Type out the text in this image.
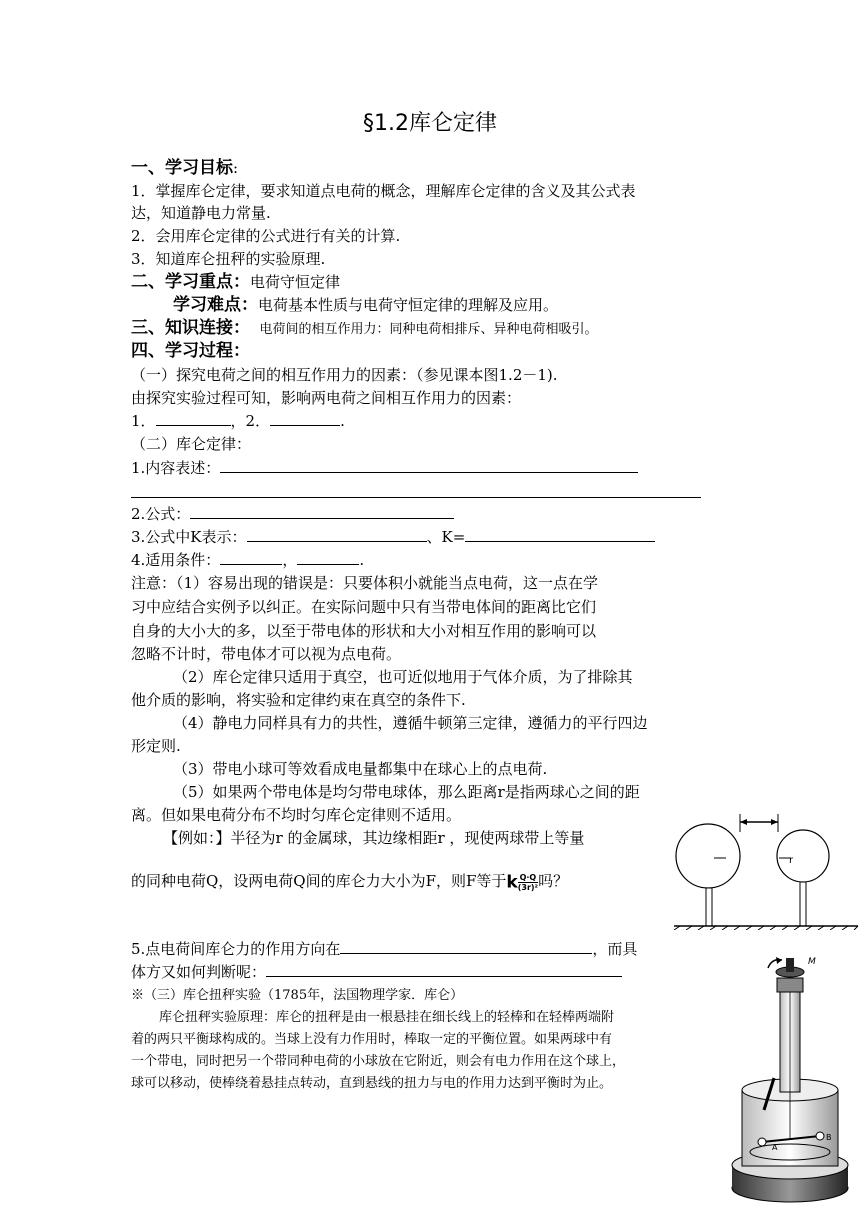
§1.2库仑定律
一、学习目标:
1．掌握库仑定律，要求知道点电荷的概念，理解库仑定律的含义及其公式表
达，知道静电力常量.
2．会用库仑定律的公式进行有关的计算.
3．知道库仑扭秤的实验原理.
二、学习重点：电荷守恒定律
学习难点：电荷基本性质与电荷守恒定律的理解及应用。
三、知识连接： 电荷间的相互作用力：同种电荷相排斥、异种电荷相吸引。
四、学习过程：
（一）探究电荷之间的相互作用力的因素：（参见课本图1.2－1).
由探究实验过程可知，影响两电荷之间相互作用力的因素：
1．	，2．	.
（二）库仑定律：
1.内容表述：
2.公式：
3.公式中K表示：	、K=
4.适用条件：	，	.
注意：（1）容易出现的错误是：只要体积小就能当点电荷，这一点在学
习中应结合实例予以纠正。在实际问题中只有当带电体间的距离比它们
自身的大小大的多，以至于带电体的形状和大小对相互作用的影响可以
忽略不计时，带电体才可以视为点电荷。
（2）库仑定律只适用于真空，也可近似地用于气体介质，为了排除其
他介质的影响，将实验和定律约束在真空的条件下.
（4）静电力同样具有力的共性，遵循牛顿第三定律，遵循力的平行四边
形定则.
（3）带电小球可等效看成电量都集中在球心上的点电荷.
（5）如果两个带电体是均匀带电球体，那么距离r是指两球心之间的距
离。但如果电荷分布不均时匀库仑定律则不适用。
【例如：】半径为r 的金属球，其边缘相距r ，现使两球带上等量
的同种电荷Q，设两电荷Q间的库仑力大小为F，则F等于k $\frac{Q\cdot Q}{\text{(3r)²}}$ 吗？
r
5.点电荷间库仑力的作用方向在	，而具
体方又如何判断呢：
※（三）库仑扭秤实验（1785年，法国物理学家．库仑）
库仑扭秤实验原理：库仑的扭秤是由一根悬挂在细长线上的轻棒和在轻棒两端附
着的两只平衡球构成的。当球上没有力作用时，棒取一定的平衡位置。如果两球中有
一个带电，同时把另一个带同种电荷的小球放在它附近，则会有电力作用在这个球上，
球可以移动，使棒绕着悬挂点转动，直到悬线的扭力与电的作用力达到平衡时为止。
A
B
M
